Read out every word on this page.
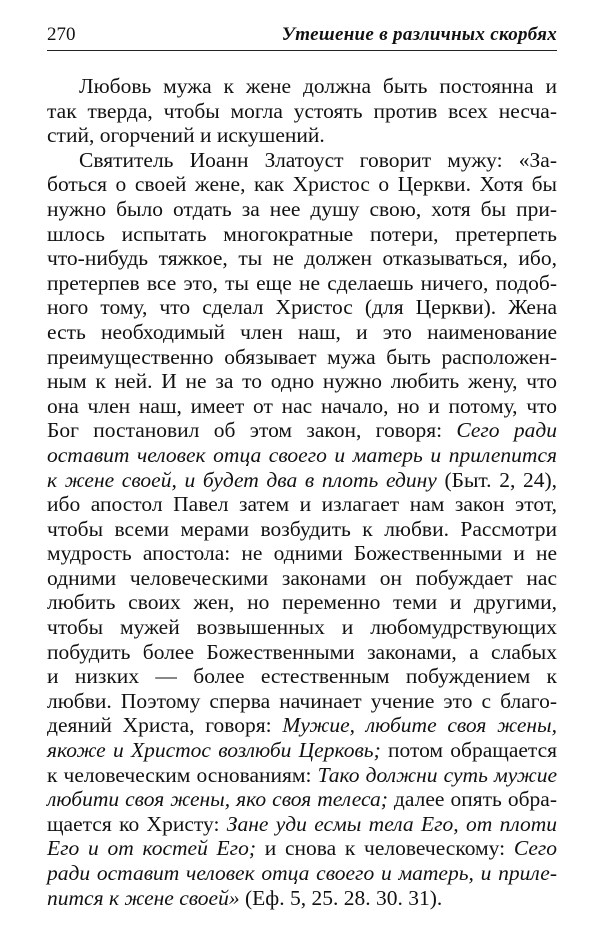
270	Утешение в различных скорбях
Любовь мужа к жене должна быть постоянна и
так тверда, чтобы могла устоять против всех несча-
стий, огорчений и искушений.
Святитель Иоанн Златоуст говорит мужу: «За-
боться о своей жене, как Христос о Церкви. Хотя бы
нужно было отдать за нее душу свою, хотя бы при-
шлось испытать многократные потери, претерпеть
что-нибудь тяжкое, ты не должен отказываться, ибо,
претерпев все это, ты еще не сделаешь ничего, подоб-
ного тому, что сделал Христос (для Церкви). Жена
есть необходимый член наш, и это наименование
преимущественно обязывает мужа быть расположен-
ным к ней. И не за то одно нужно любить жену, что
она член наш, имеет от нас начало, но и потому, что
Бог постановил об этом закон, говоря: Сего ради
оставит человек отца своего и матерь и прилепится
к жене своей, и будет два в плоть едину (Быт. 2, 24),
ибо апостол Павел затем и излагает нам закон этот,
чтобы всеми мерами возбудить к любви. Рассмотри
мудрость апостола: не одними Божественными и не
одними человеческими законами он побуждает нас
любить своих жен, но переменно теми и другими,
чтобы мужей возвышенных и любомудрствующих
побудить более Божественными законами, а слабых
и низких — более естественным побуждением к
любви. Поэтому сперва начинает учение это с благо-
деяний Христа, говоря: Мужие, любите своя жены,
якоже и Христос возлюби Церковь; потом обращается
к человеческим основаниям: Тако должни суть мужие
любити своя жены, яко своя телеса; далее опять обра-
щается ко Христу: Зане уди есмы тела Его, от плоти
Его и от костей Его; и снова к человеческому: Сего
ради оставит человек отца своего и матерь, и приле-
пится к жене своей» (Еф. 5, 25. 28. 30. 31).
